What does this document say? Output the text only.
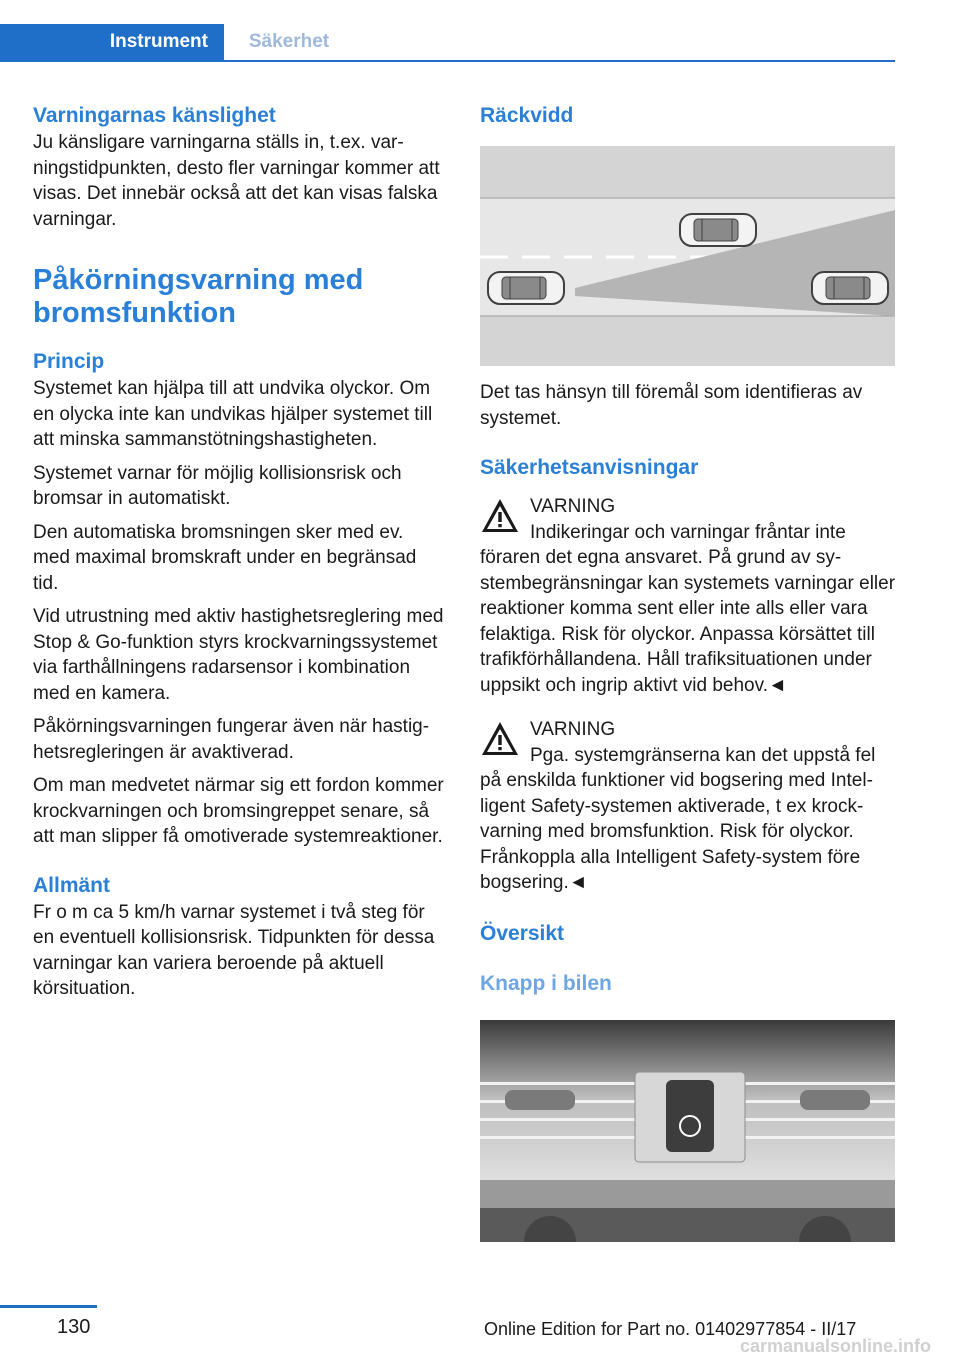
Instrument	Säkerhet
Varningarnas känslighet

Ju känsligare varningarna ställs in, t.ex. varningstidpunkten, desto fler varningar kommer att visas. Det innebär också att det kan visas falska varningar.

Påkörningsvarning med bromsfunktion
Princip

Systemet kan hjälpa till att undvika olyckor. Om en olycka inte kan undvikas hjälper systemet till att minska sammanstötningshastigheten.

Systemet varnar för möjlig kollisionsrisk och bromsar in automatiskt.

Den automatiska bromsningen sker med ev. med maximal bromskraft under en begränsad tid.

Vid utrustning med aktiv hastighetsreglering med Stop & Go-funktion styrs krockvarningssystemet via farthållningens radarsensor i kombination med en kamera.

Påkörningsvarningen fungerar även när hastighetsregleringen är avaktiverad.

Om man medvetet närmar sig ett fordon kommer krockvarningen och bromsingreppet senare, så att man slipper få omotiverade systemreaktioner.

Allmänt

Fr o m ca 5 km/h varnar systemet i två steg för en eventuell kollisionsrisk. Tidpunkten för dessa varningar kan variera beroende på aktuell körsituation.

Räckvidd

Det tas hänsyn till föremål som identifieras av systemet.

Säkerhetsanvisningar

VARNING

Indikeringar och varningar fråntar inte föraren det egna ansvaret. På grund av systembegränsningar kan systemets varningar eller reaktioner komma sent eller inte alls eller vara felaktiga. Risk för olyckor. Anpassa körsättet till trafikförhållandena. Håll trafiksituationen under uppsikt och ingrip aktivt vid behov.◄

VARNING

Pga. systemgränserna kan det uppstå fel på enskilda funktioner vid bogsering med Intelligent Safety-systemen aktiverade, t ex krockvarning med bromsfunktion. Risk för olyckor. Frånkoppla alla Intelligent Safety-system före bogsering.◄

Översikt
Knapp i bilen
130	Online Edition for Part no. 01402977854 - II/17
carmanualsonline.info
